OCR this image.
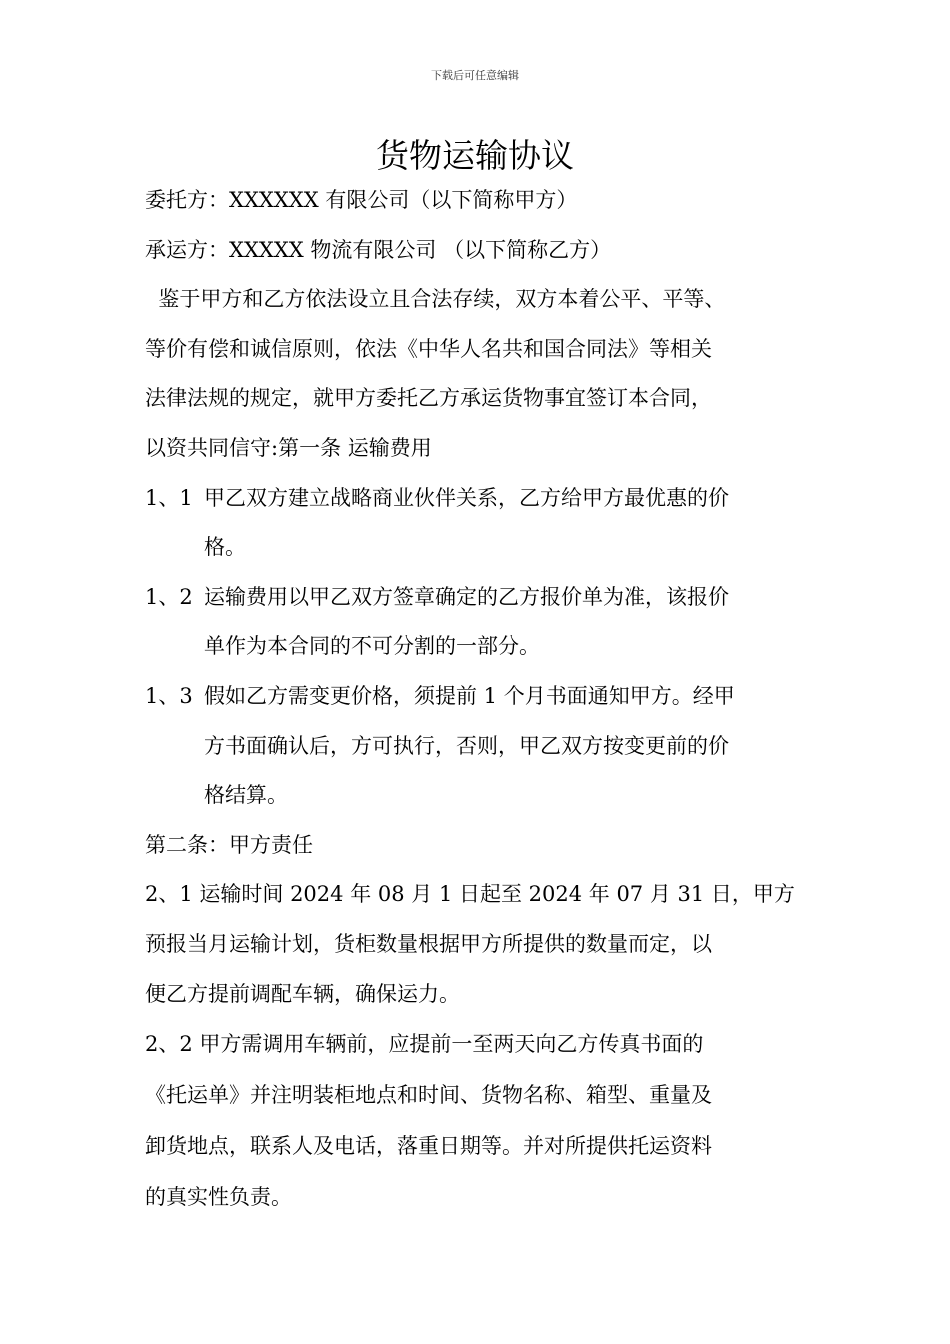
下载后可任意编辑
货物运输协议
委托方：XXXXXX 有限公司（以下简称甲方）
承运方：XXXXX 物流有限公司 （以下简称乙方）
鉴于甲方和乙方依法设立且合法存续，双方本着公平、平等、
等价有偿和诚信原则，依法《中华人名共和国合同法》等相关
法律法规的规定，就甲方委托乙方承运货物事宜签订本合同，
以资共同信守:第一条 运输费用
1、1 甲乙双方建立战略商业伙伴关系，乙方给甲方最优惠的价
格。
1、2 运输费用以甲乙双方签章确定的乙方报价单为准，该报价
单作为本合同的不可分割的一部分。
1、3 假如乙方需变更价格，须提前 1 个月书面通知甲方。经甲
方书面确认后，方可执行，否则，甲乙双方按变更前的价
格结算。
第二条：甲方责任
2、1 运输时间 2024 年 08 月 1 日起至 2024 年 07 月 31 日，甲方
预报当月运输计划，货柜数量根据甲方所提供的数量而定，以
便乙方提前调配车辆，确保运力。
2、2 甲方需调用车辆前，应提前一至两天向乙方传真书面的
《托运单》并注明装柜地点和时间、货物名称、箱型、重量及
卸货地点，联系人及电话，落重日期等。并对所提供托运资料
的真实性负责。
